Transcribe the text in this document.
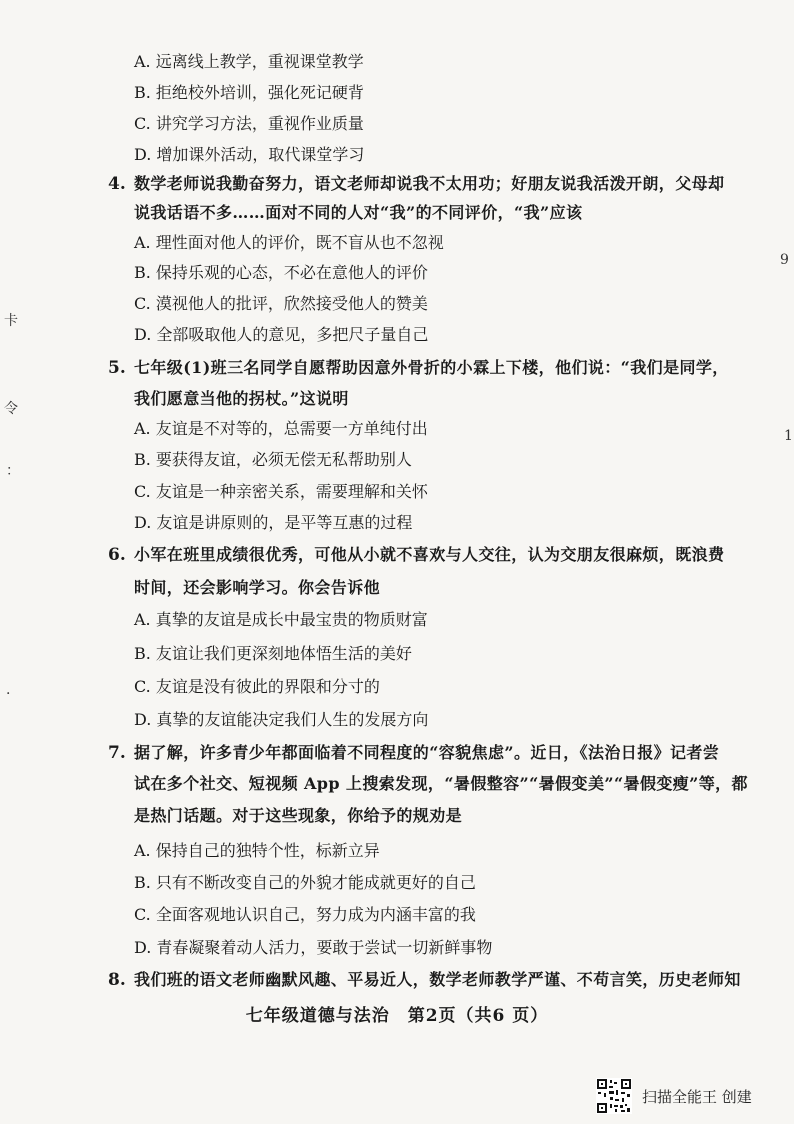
A. 远离线上教学，重视课堂教学
B. 拒绝校外培训，强化死记硬背
C. 讲究学习方法，重视作业质量
D. 增加课外活动，取代课堂学习
4. 数学老师说我勤奋努力，语文老师却说我不太用功；好朋友说我活泼开朗，父母却
说我话语不多……面对不同的人对“我”的不同评价，“我”应该
A. 理性面对他人的评价，既不盲从也不忽视
B. 保持乐观的心态，不必在意他人的评价
C. 漠视他人的批评，欣然接受他人的赞美
D. 全部吸取他人的意见，多把尺子量自己
5. 七年级(1)班三名同学自愿帮助因意外骨折的小霖上下楼，他们说：“我们是同学，
我们愿意当他的拐杖。”这说明
A. 友谊是不对等的，总需要一方单纯付出
B. 要获得友谊，必须无偿无私帮助别人
C. 友谊是一种亲密关系，需要理解和关怀
D. 友谊是讲原则的，是平等互惠的过程
6. 小军在班里成绩很优秀，可他从小就不喜欢与人交往，认为交朋友很麻烦，既浪费
时间，还会影响学习。你会告诉他
A. 真挚的友谊是成长中最宝贵的物质财富
B. 友谊让我们更深刻地体悟生活的美好
C. 友谊是没有彼此的界限和分寸的
D. 真挚的友谊能决定我们人生的发展方向
7. 据了解，许多青少年都面临着不同程度的“容貌焦虑”。近日，《法治日报》记者尝
试在多个社交、短视频 App 上搜索发现，“暑假整容”“暑假变美”“暑假变瘦”等，都
是热门话题。对于这些现象，你给予的规劝是
A. 保持自己的独特个性，标新立异
B. 只有不断改变自己的外貌才能成就更好的自己
C. 全面客观地认识自己，努力成为内涵丰富的我
D. 青春凝聚着动人活力，要敢于尝试一切新鲜事物
8. 我们班的语文老师幽默风趣、平易近人，数学老师教学严谨、不苟言笑，历史老师知
七年级道德与法治　第2页（共6 页）
9
1
卡
令
：
·
扫描全能王 创建
